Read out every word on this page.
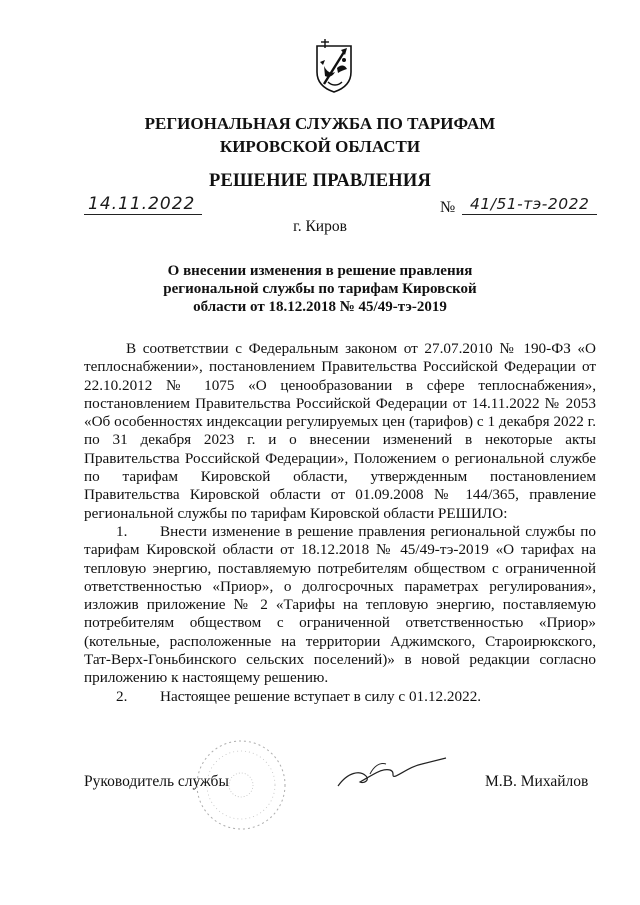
РЕГИОНАЛЬНАЯ СЛУЖБА ПО ТАРИФАМ
КИРОВСКОЙ ОБЛАСТИ
РЕШЕНИЕ ПРАВЛЕНИЯ
14.11.2022	№ 41/51-тэ-2022
г. Киров
О внесении изменения в решение правления
региональной службы по тарифам Кировской
области от 18.12.2018 № 45/49-тэ-2019

В соответствии с Федеральным законом от 27.07.2010 № 190-ФЗ «О теплоснабжении», постановлением Правительства Российской Федерации от 22.10.2012 № 1075 «О ценообразовании в сфере теплоснабжения», постановлением Правительства Российской Федерации от 14.11.2022 № 2053 «Об особенностях индексации регулируемых цен (тарифов) с 1 декабря 2022 г. по 31 декабря 2023 г. и о внесении изменений в некоторые акты Правительства Российской Федерации», Положением о региональной службе по тарифам Кировской области, утвержденным постановлением Правительства Кировской области от 01.09.2008 № 144/365, правление региональной службы по тарифам Кировской области РЕШИЛО:

1. Внести изменение в решение правления региональной службы по тарифам Кировской области от 18.12.2018 № 45/49-тэ-2019 «О тарифах на тепловую энергию, поставляемую потребителям обществом с ограниченной ответственностью «Приор», о долгосрочных параметрах регулирования», изложив приложение № 2 «Тарифы на тепловую энергию, поставляемую потребителям обществом с ограниченной ответственностью «Приор» (котельные, расположенные на территории Аджимского, Староирюкского, Тат-Верх-Гоньбинского сельских поселений)» в новой редакции согласно приложению к настоящему решению.

2. Настоящее решение вступает в силу с 01.12.2022.

Руководитель службы	М.В. Михайлов
